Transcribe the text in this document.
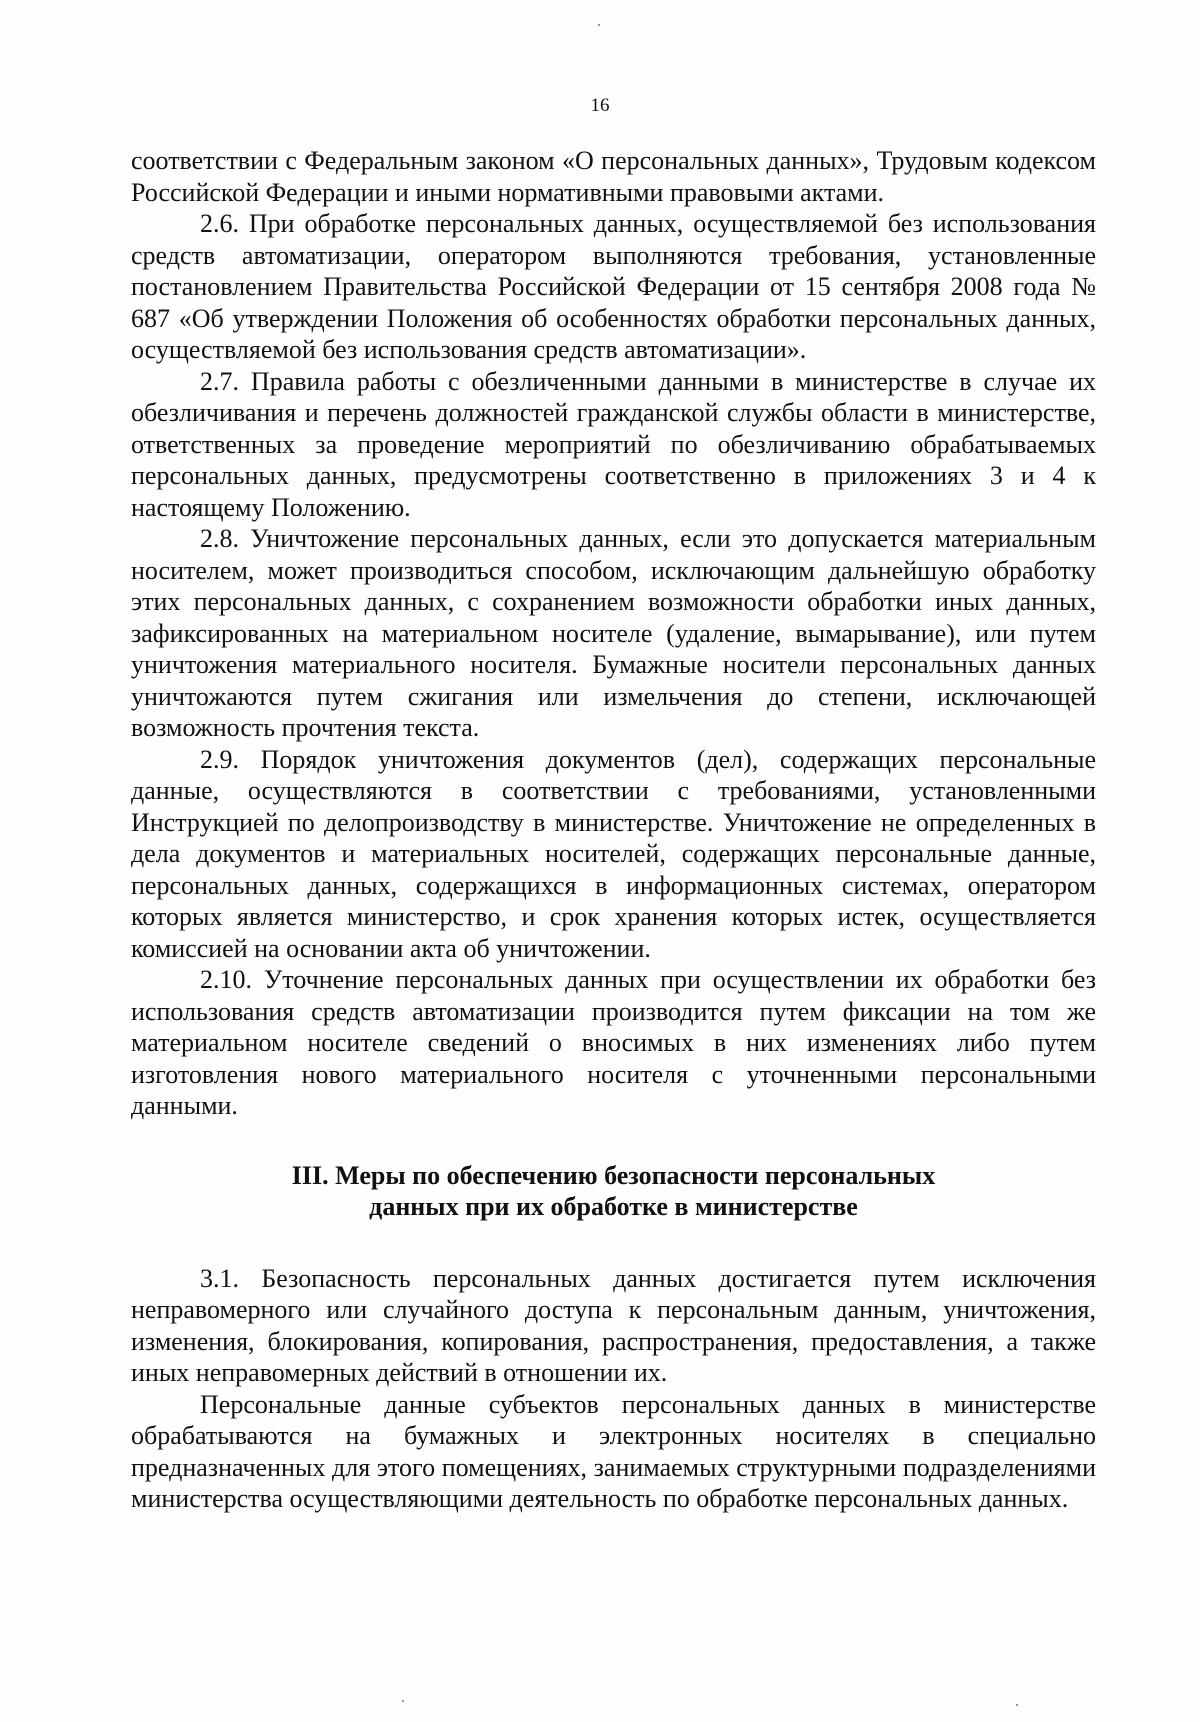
16

соответствии с Федеральным законом «О персональных данных», Трудовым кодексом Российской Федерации и иными нормативными правовыми актами.

2.6. При обработке персональных данных, осуществляемой без использования средств автоматизации, оператором выполняются требования, установленные постановлением Правительства Российской Федерации от 15 сентября 2008 года № 687 «Об утверждении Положения об особенностях обработки персональных данных, осуществляемой без использования средств автоматизации».

2.7. Правила работы с обезличенными данными в министерстве в случае их обезличивания и перечень должностей гражданской службы области в министерстве, ответственных за проведение мероприятий по обезличиванию обрабатываемых персональных данных, предусмотрены соответственно в приложениях 3 и 4 к настоящему Положению.

2.8. Уничтожение персональных данных, если это допускается материальным носителем, может производиться способом, исключающим дальнейшую обработку этих персональных данных, с сохранением возможности обработки иных данных, зафиксированных на материальном носителе (удаление, вымарывание), или путем уничтожения материального носителя. Бумажные носители персональных данных уничтожаются путем сжигания или измельчения до степени, исключающей возможность прочтения текста.

2.9. Порядок уничтожения документов (дел), содержащих персональные данные, осуществляются в соответствии с требованиями, установленными Инструкцией по делопроизводству в министерстве. Уничтожение не определенных в дела документов и материальных носителей, содержащих персональные данные, персональных данных, содержащихся в информационных системах, оператором которых является министерство, и срок хранения которых истек, осуществляется комиссией на основании акта об уничтожении.

2.10. Уточнение персональных данных при осуществлении их обработки без использования средств автоматизации производится путем фиксации на том же материальном носителе сведений о вносимых в них изменениях либо путем изготовления нового материального носителя с уточненными персональными данными.

III. Меры по обеспечению безопасности персональных
данных при их обработке в министерстве

3.1. Безопасность персональных данных достигается путем исключения неправомерного или случайного доступа к персональным данным, уничтожения, изменения, блокирования, копирования, распространения, предоставления, а также иных неправомерных действий в отношении их.

Персональные данные субъектов персональных данных в министерстве обрабатываются на бумажных и электронных носителях в специально предназначенных для этого помещениях, занимаемых структурными подразделениями министерства осуществляющими деятельность по обработке персональных данных.
